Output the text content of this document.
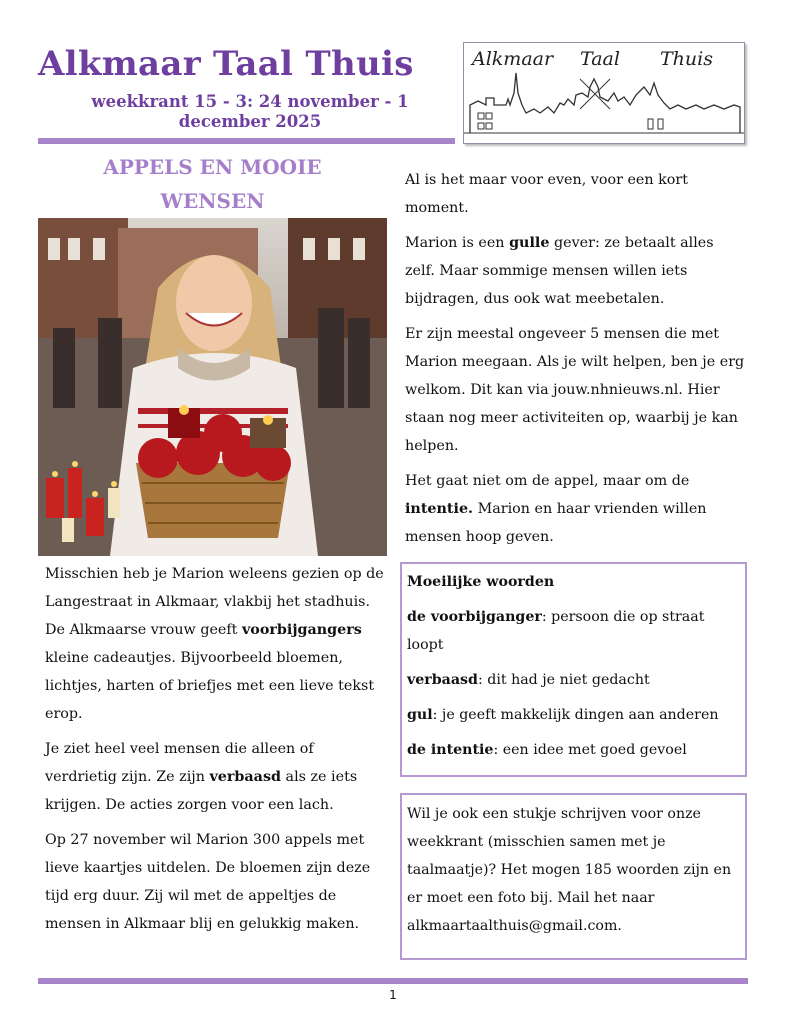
Alkmaar Taal Thuis
weekkrant 15 - 3: 24 november - 1 december 2025
Alkmaar Taal Thuis
APPELS EN MOOIE
WENSEN

Misschien heb je Marion weleens gezien op de Langestraat in Alkmaar, vlakbij het stadhuis. De Alkmaarse vrouw geeft voorbijgangers kleine cadeautjes. Bijvoorbeeld bloemen, lichtjes, harten of briefjes met een lieve tekst erop.

Je ziet heel veel mensen die alleen of verdrietig zijn. Ze zijn verbaasd als ze iets krijgen. De acties zorgen voor een lach.

Op 27 november wil Marion 300 appels met lieve kaartjes uitdelen. De bloemen zijn deze tijd erg duur. Zij wil met de appeltjes de mensen in Alkmaar blij en gelukkig maken.

Al is het maar voor even, voor een kort moment.

Marion is een gulle gever: ze betaalt alles zelf. Maar sommige mensen willen iets bijdragen, dus ook wat meebetalen.

Er zijn meestal ongeveer 5 mensen die met Marion meegaan. Als je wilt helpen, ben je erg welkom. Dit kan via jouw.nhnieuws.nl. Hier staan nog meer activiteiten op, waarbij je kan helpen.

Het gaat niet om de appel, maar om de intentie. Marion en haar vrienden willen mensen hoop geven.

Moeilijke woorden

de voorbijganger: persoon die op straat loopt

verbaasd: dit had je niet gedacht

gul: je geeft makkelijk dingen aan anderen

de intentie: een idee met goed gevoel

Wil je ook een stukje schrijven voor onze weekkrant (misschien samen met je taalmaatje)? Het mogen 185 woorden zijn en er moet een foto bij. Mail het naar alkmaartaalthuis@gmail.com.

1
